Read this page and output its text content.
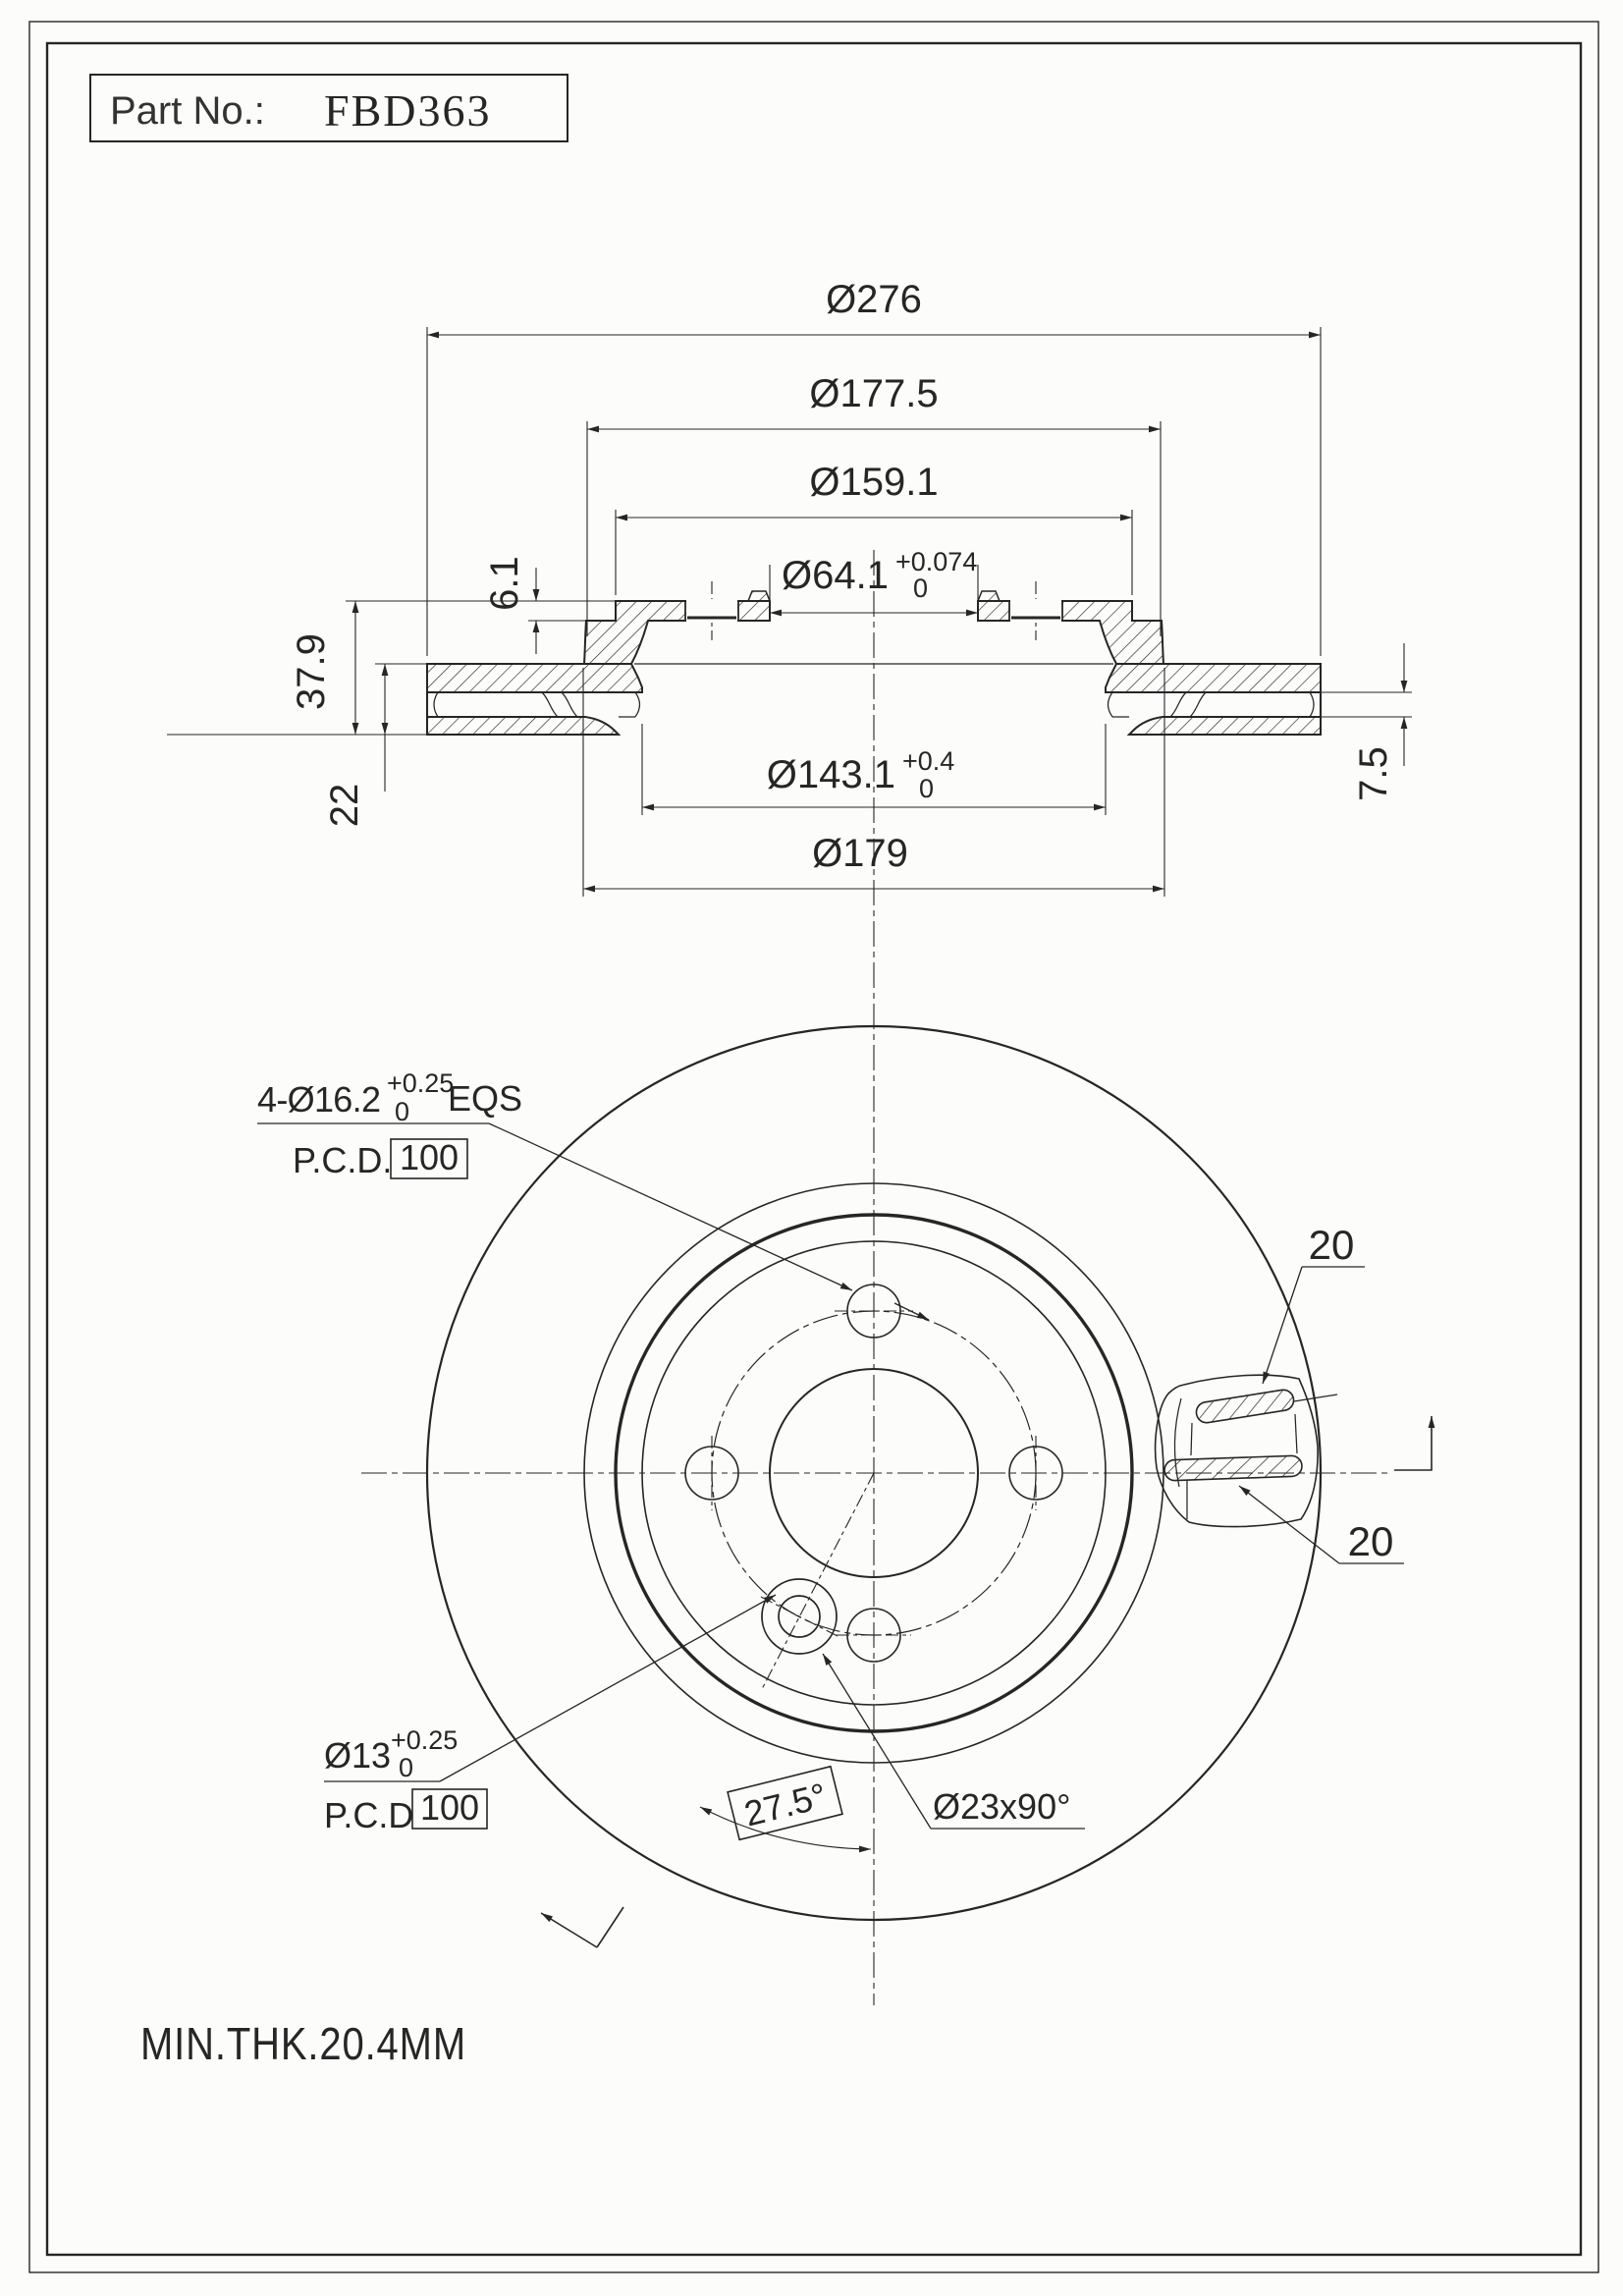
Part No.: FBD363
Ø276
Ø177.5
Ø159.1
Ø64.1 +0.074
0
6.1
37.9
22
Ø143.1 +0.4
0
Ø179
7.5
4-Ø16.2 +0.25
0 EQS
P.C.D. 100
Ø13 +0.25
0
P.C.D 100	27.5°	Ø23x90°
20
20
MIN.THK.20.4MM
